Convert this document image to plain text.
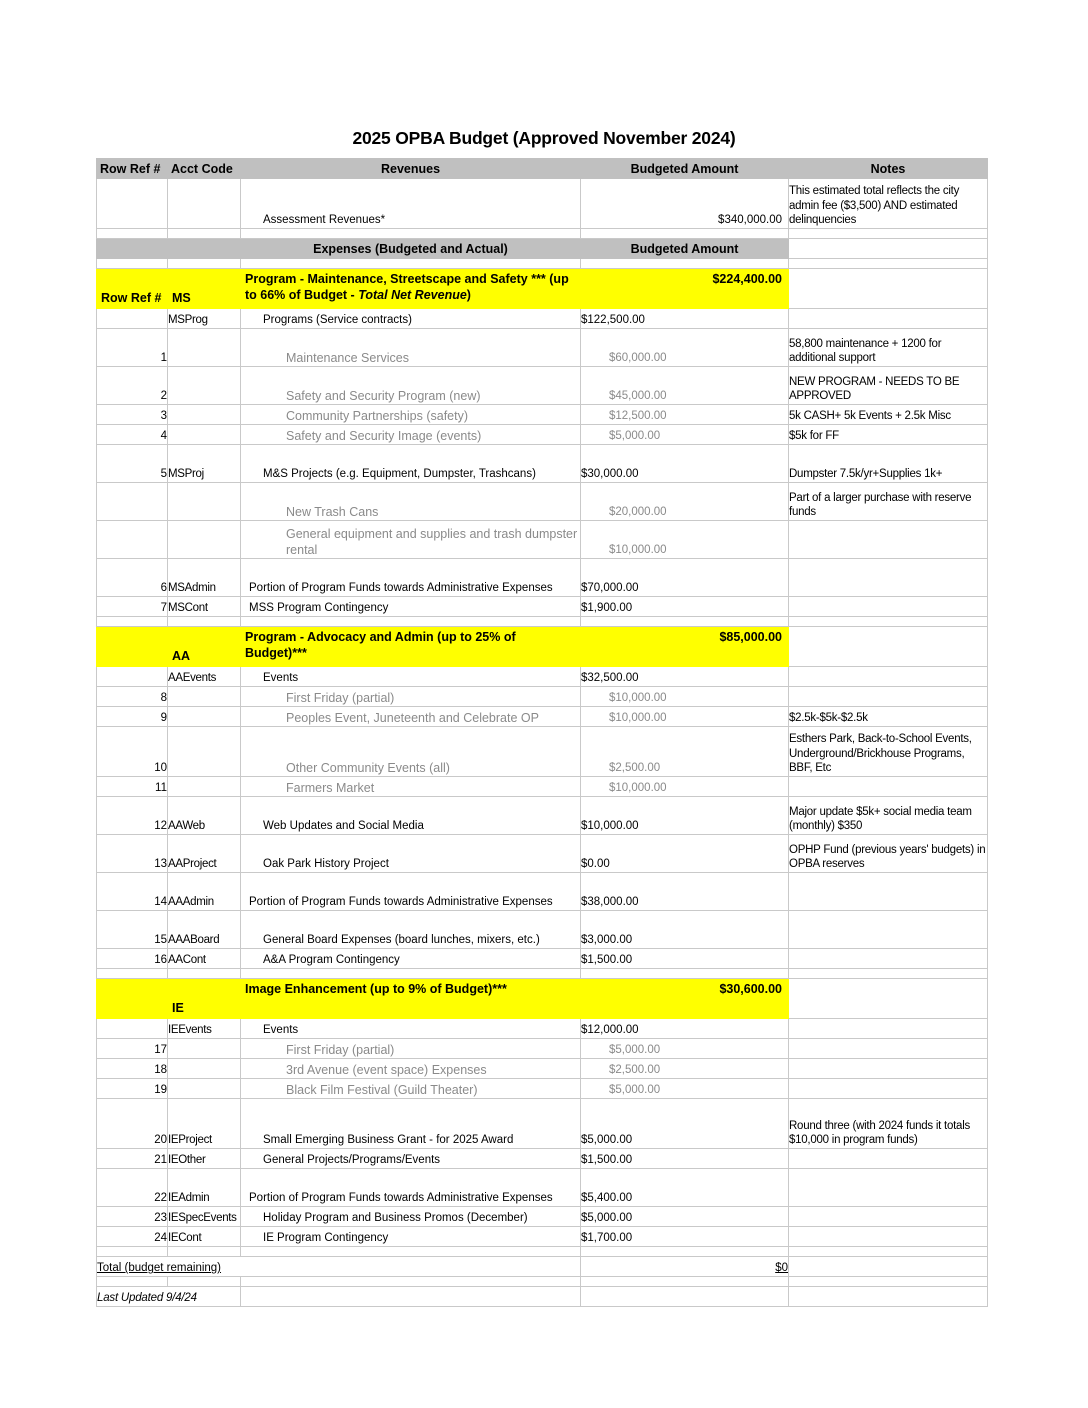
2025 OPBA Budget (Approved November 2024)
Row Ref #	Acct Code	Revenues	Budgeted Amount	Notes
		Assessment Revenues*	$340,000.00	This estimated total reflects the city admin fee ($3,500) AND estimated delinquencies

		Expenses (Budgeted and Actual)	Budgeted Amount	

Row Ref #	MS	Program - Maintenance, Streetscape and Safety *** (up to 66% of Budget - Total Net Revenue)	$224,400.00	
	MSProg	Programs (Service contracts)	$122,500.00	
1		Maintenance Services	$60,000.00	58,800 maintenance + 1200 for additional support
2		Safety and Security Program (new)	$45,000.00	NEW PROGRAM - NEEDS TO BE APPROVED
3		Community Partnerships (safety)	$12,500.00	5k CASH+ 5k Events + 2.5k Misc
4		Safety and Security Image (events)	$5,000.00	$5k for FF
5	MSProj	M&S Projects (e.g. Equipment, Dumpster, Trashcans)	$30,000.00	Dumpster 7.5k/yr+Supplies 1k+
		New Trash Cans	$20,000.00	Part of a larger purchase with reserve funds
		General equipment and supplies and trash dumpster rental	$10,000.00	
6	MSAdmin	Portion of Program Funds towards Administrative Expenses	$70,000.00	
7	MSCont	MSS Program Contingency	$1,900.00	

	AA	Program - Advocacy and Admin (up to 25% of Budget)***	$85,000.00	
	AAEvents	Events	$32,500.00	
8		First Friday (partial)	$10,000.00	
9		Peoples Event, Juneteenth and Celebrate OP	$10,000.00	$2.5k-$5k-$2.5k
10		Other Community Events (all)	$2,500.00	Esthers Park, Back-to-School Events, Underground/Brickhouse Programs, BBF, Etc
11		Farmers Market	$10,000.00	
12	AAWeb	Web Updates and Social Media	$10,000.00	Major update $5k+ social media team (monthly) $350
13	AAProject	Oak Park History Project	$0.00	OPHP Fund (previous years' budgets) in OPBA reserves
14	AAAdmin	Portion of Program Funds towards Administrative Expenses	$38,000.00	
15	AAABoard	General Board Expenses (board lunches, mixers, etc.)	$3,000.00	
16	AACont	A&A Program Contingency	$1,500.00	

	IE	Image Enhancement (up to 9% of Budget)***	$30,600.00	
	IEEvents	Events	$12,000.00	
17		First Friday (partial)	$5,000.00	
18		3rd Avenue (event space) Expenses	$2,500.00	
19		Black Film Festival (Guild Theater)	$5,000.00	
20	IEProject	Small Emerging Business Grant - for 2025 Award	$5,000.00	Round three (with 2024 funds it totals $10,000 in program funds)
21	IEOther	General Projects/Programs/Events	$1,500.00	
22	IEAdmin	Portion of Program Funds towards Administrative Expenses	$5,400.00	
23	IESpecEvents	Holiday Program and Business Promos (December)	$5,000.00	
24	IECont	IE Program Contingency	$1,700.00	

Total (budget remaining)			$0	

Last Updated 9/4/24				
